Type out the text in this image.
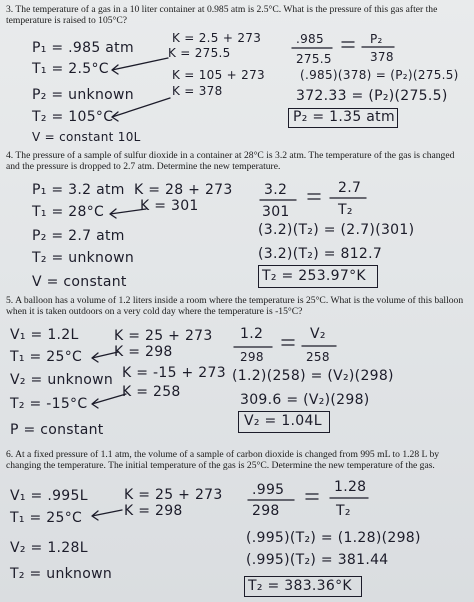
3. The temperature of a gas in a 10 liter container at 0.985 atm is 2.5°C. What is the pressure of this gas after the temperature is raised to 105°C?
P₁ = .985 atm
T₁ = 2.5°C
P₂ = unknown
T₂ = 105°C
V = constant 10L
K = 2.5 + 273
K = 275.5
K = 105 + 273
K = 378
.985
275.5
P₂
378
(.985)(378) = (P₂)(275.5)
372.33 = (P₂)(275.5)
P₂ = 1.35 atm
4. The pressure of a sample of sulfur dioxide in a container at 28°C is 3.2 atm. The temperature of the gas is changed and the pressure is dropped to 2.7 atm. Determine the new temperature.
P₁ = 3.2 atm
T₁ = 28°C
P₂ = 2.7 atm
T₂ = unknown
V = constant
K = 28 + 273
K = 301
3.2
301
2.7
T₂
(3.2)(T₂) = (2.7)(301)
(3.2)(T₂) = 812.7
T₂ = 253.97°K
5. A balloon has a volume of 1.2 liters inside a room where the temperature is 25°C. What is the volume of this balloon when it is taken outdoors on a very cold day where the temperature is -15°C?
V₁ = 1.2L
T₁ = 25°C
V₂ = unknown
T₂ = -15°C
P = constant
K = 25 + 273
K = 298
K = -15 + 273
K = 258
1.2
298
V₂
258
(1.2)(258) = (V₂)(298)
309.6 = (V₂)(298)
V₂ = 1.04L
6. At a fixed pressure of 1.1 atm, the volume of a sample of carbon dioxide is changed from 995 mL to 1.28 L by changing the temperature. The initial temperature of the gas is 25°C. Determine the new temperature of the gas.
V₁ = .995L
T₁ = 25°C
V₂ = 1.28L
T₂ = unknown
K = 25 + 273
K = 298
.995
298
1.28
T₂
(.995)(T₂) = (1.28)(298)
(.995)(T₂) = 381.44
T₂ = 383.36°K
